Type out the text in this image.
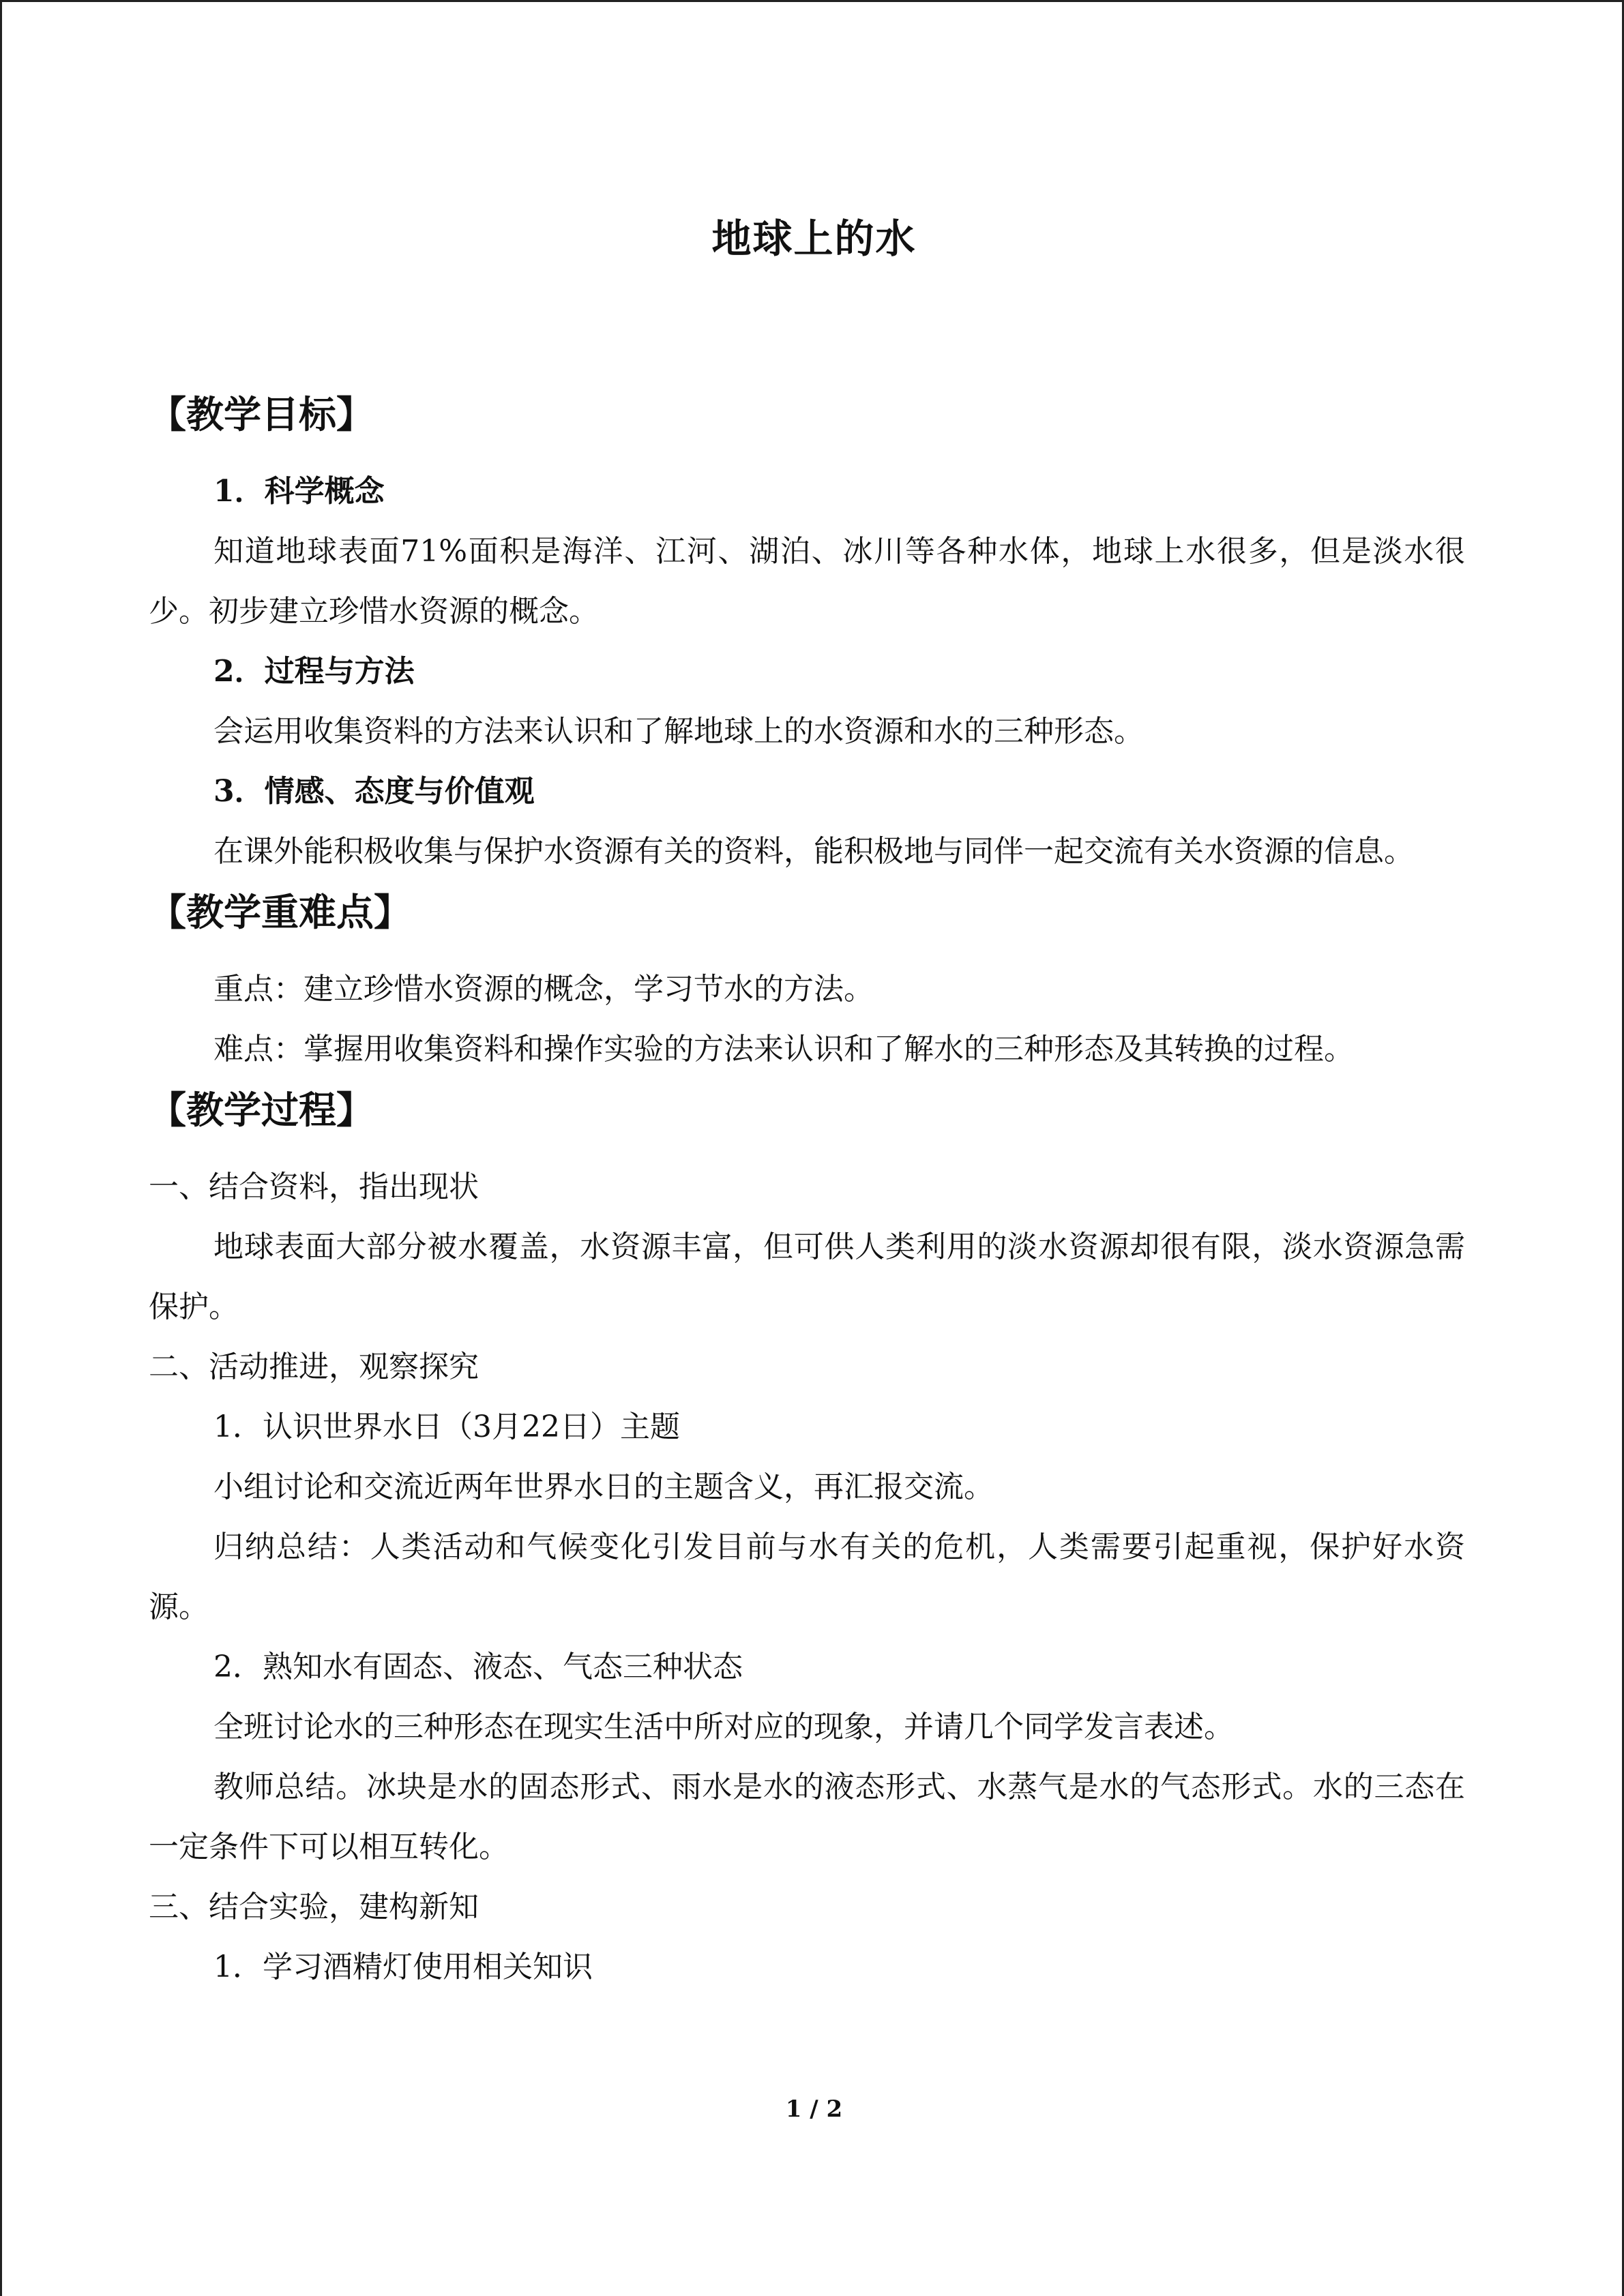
地球上的水

【教学目标】

1．科学概念

知道地球表面71%面积是海洋、江河、湖泊、冰川等各种水体，地球上水很多，但是淡水很少。初步建立珍惜水资源的概念。

2．过程与方法

会运用收集资料的方法来认识和了解地球上的水资源和水的三种形态。

3．情感、态度与价值观

在课外能积极收集与保护水资源有关的资料，能积极地与同伴一起交流有关水资源的信息。

【教学重难点】

重点：建立珍惜水资源的概念，学习节水的方法。

难点：掌握用收集资料和操作实验的方法来认识和了解水的三种形态及其转换的过程。

【教学过程】

一、结合资料，指出现状

地球表面大部分被水覆盖，水资源丰富，但可供人类利用的淡水资源却很有限，淡水资源急需保护。

二、活动推进，观察探究

1．认识世界水日（3月22日）主题

小组讨论和交流近两年世界水日的主题含义，再汇报交流。

归纳总结：人类活动和气候变化引发目前与水有关的危机，人类需要引起重视，保护好水资源。

2．熟知水有固态、液态、气态三种状态

全班讨论水的三种形态在现实生活中所对应的现象，并请几个同学发言表述。

教师总结。冰块是水的固态形式、雨水是水的液态形式、水蒸气是水的气态形式。水的三态在一定条件下可以相互转化。

三、结合实验，建构新知

1．学习酒精灯使用相关知识

1 / 2
